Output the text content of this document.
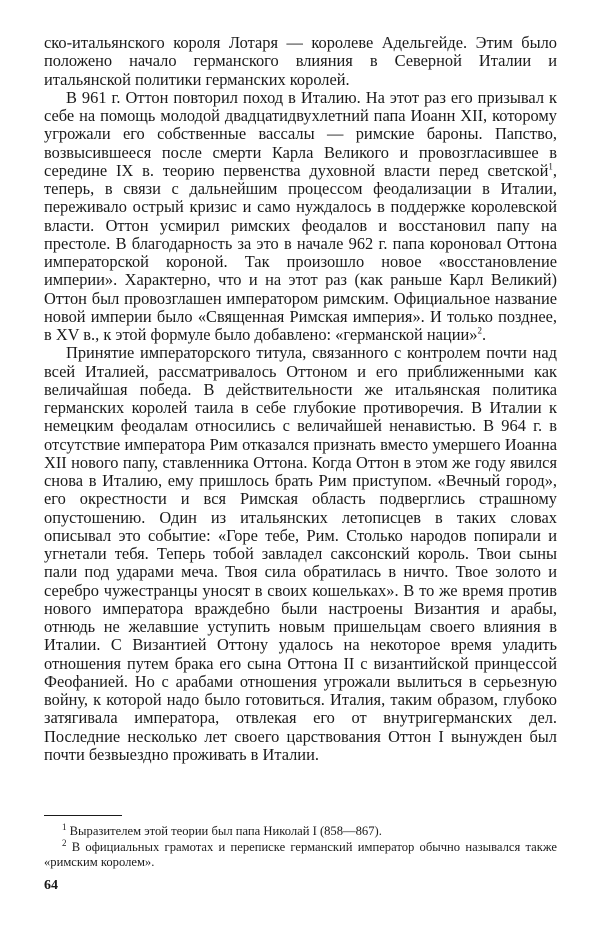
ско-итальянского короля Лотаря — королеве Адельгейде. Этим было положено начало германского влияния в Северной Италии и итальянской политики германских королей.

В 961 г. Оттон повторил поход в Италию. На этот раз его призывал к себе на помощь молодой двадцатидвухлетний папа Иоанн XII, которому угрожали его собственные вассалы — римские бароны. Папство, возвысившееся после смерти Карла Великого и провозгласившее в середине IX в. теорию первенства духовной власти перед светской$^1$, теперь, в связи с дальнейшим процессом феодализации в Италии, переживало острый кризис и само нуждалось в поддержке королевской власти. Оттон усмирил римских феодалов и восстановил папу на престоле. В благодарность за это в начале 962 г. папа короновал Оттона императорской короной. Так произошло новое «восстановление империи». Характерно, что и на этот раз (как раньше Карл Великий) Оттон был провозглашен императором римским. Официальное название новой империи было «Священная Римская империя». И только позднее, в XV в., к этой формуле было добавлено: «германской нации»$^2$.

Принятие императорского титула, связанного с контролем почти над всей Италией, рассматривалось Оттоном и его приближенными как величайшая победа. В действительности же итальянская политика германских королей таила в себе глубокие противоречия. В Италии к немецким феодалам относились с величайшей ненавистью. В 964 г. в отсутствие императора Рим отказался признать вместо умершего Иоанна XII нового папу, ставленника Оттона. Когда Оттон в этом же году явился снова в Италию, ему пришлось брать Рим приступом. «Вечный город», его окрестности и вся Римская область подверглись страшному опустошению. Один из итальянских летописцев в таких словах описывал это событие: «Горе тебе, Рим. Столько народов попирали и угнетали тебя. Теперь тобой завладел саксонский король. Твои сыны пали под ударами меча. Твоя сила обратилась в ничто. Твое золото и серебро чужестранцы уносят в своих кошельках». В то же время против нового императора враждебно были настроены Византия и арабы, отнюдь не желавшие уступить новым пришельцам своего влияния в Италии. С Византией Оттону удалось на некоторое время уладить отношения путем брака его сына Оттона II с византийской принцессой Феофанией. Но с арабами отношения угрожали вылиться в серьезную войну, к которой надо было готовиться. Италия, таким образом, глубоко затягивала императора, отвлекая его от внутригерманских дел. Последние несколько лет своего царствования Оттон I вынужден был почти безвыездно проживать в Италии.

$^1$ Выразителем этой теории был папа Николай I (858—867).

$^2$ В официальных грамотах и переписке германский император обычно назывался также «римским королем».

64
